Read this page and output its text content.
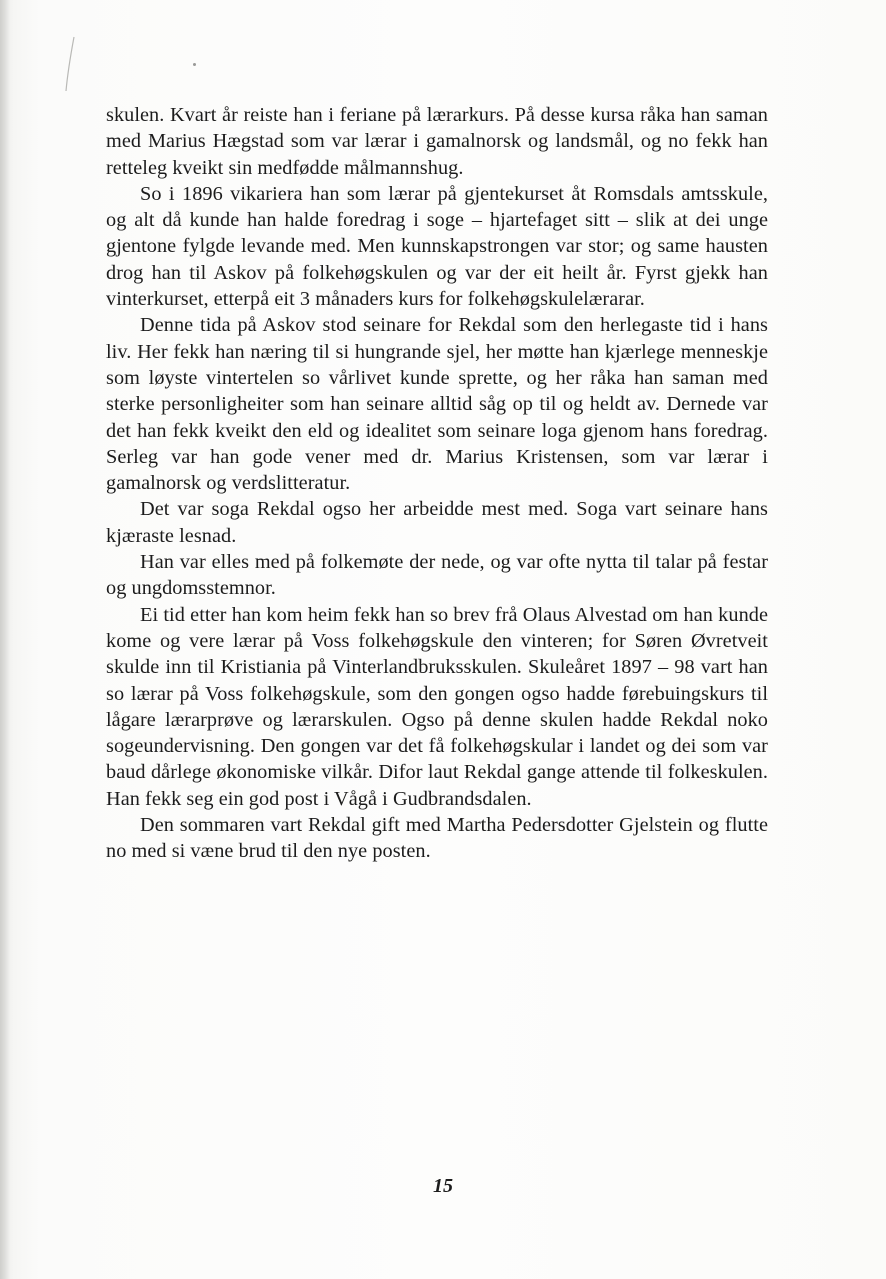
skulen. Kvart år reiste han i feriane på lærarkurs. På desse kursa råka han saman med Marius Hægstad som var lærar i gamalnorsk og landsmål, og no fekk han retteleg kveikt sin medfødde målmannshug.

So i 1896 vikariera han som lærar på gjentekurset åt Romsdals amtsskule, og alt då kunde han halde foredrag i soge – hjartefaget sitt – slik at dei unge gjentone fylgde levande med. Men kunnskapstrongen var stor; og same hausten drog han til Askov på folkehøgskulen og var der eit heilt år. Fyrst gjekk han vinterkurset, etterpå eit 3 månaders kurs for folkehøgskulelærarar.

Denne tida på Askov stod seinare for Rekdal som den herlegaste tid i hans liv. Her fekk han næring til si hungrande sjel, her møtte han kjærlege menneskje som løyste vintertelen so vårlivet kunde sprette, og her råka han saman med sterke personligheiter som han seinare alltid såg op til og heldt av. Dernede var det han fekk kveikt den eld og idealitet som seinare loga gjenom hans foredrag. Serleg var han gode vener med dr. Marius Kristensen, som var lærar i gamalnorsk og verdslitteratur.

Det var soga Rekdal ogso her arbeidde mest med. Soga vart seinare hans kjæraste lesnad.

Han var elles med på folkemøte der nede, og var ofte nytta til talar på festar og ungdomsstemnor.

Ei tid etter han kom heim fekk han so brev frå Olaus Alvestad om han kunde kome og vere lærar på Voss folkehøgskule den vinteren; for Søren Øvretveit skulde inn til Kristiania på Vinterlandbruksskulen. Skuleåret 1897 – 98 vart han so lærar på Voss folkehøgskule, som den gongen ogso hadde førebuingskurs til lågare lærarprøve og lærarskulen. Ogso på denne skulen hadde Rekdal noko sogeundervisning. Den gongen var det få folkehøgskular i landet og dei som var baud dårlege økonomiske vilkår. Difor laut Rekdal gange attende til folkeskulen. Han fekk seg ein god post i Vågå i Gudbrandsdalen.

Den sommaren vart Rekdal gift med Martha Pedersdotter Gjelstein og flutte no med si væne brud til den nye posten.

15
